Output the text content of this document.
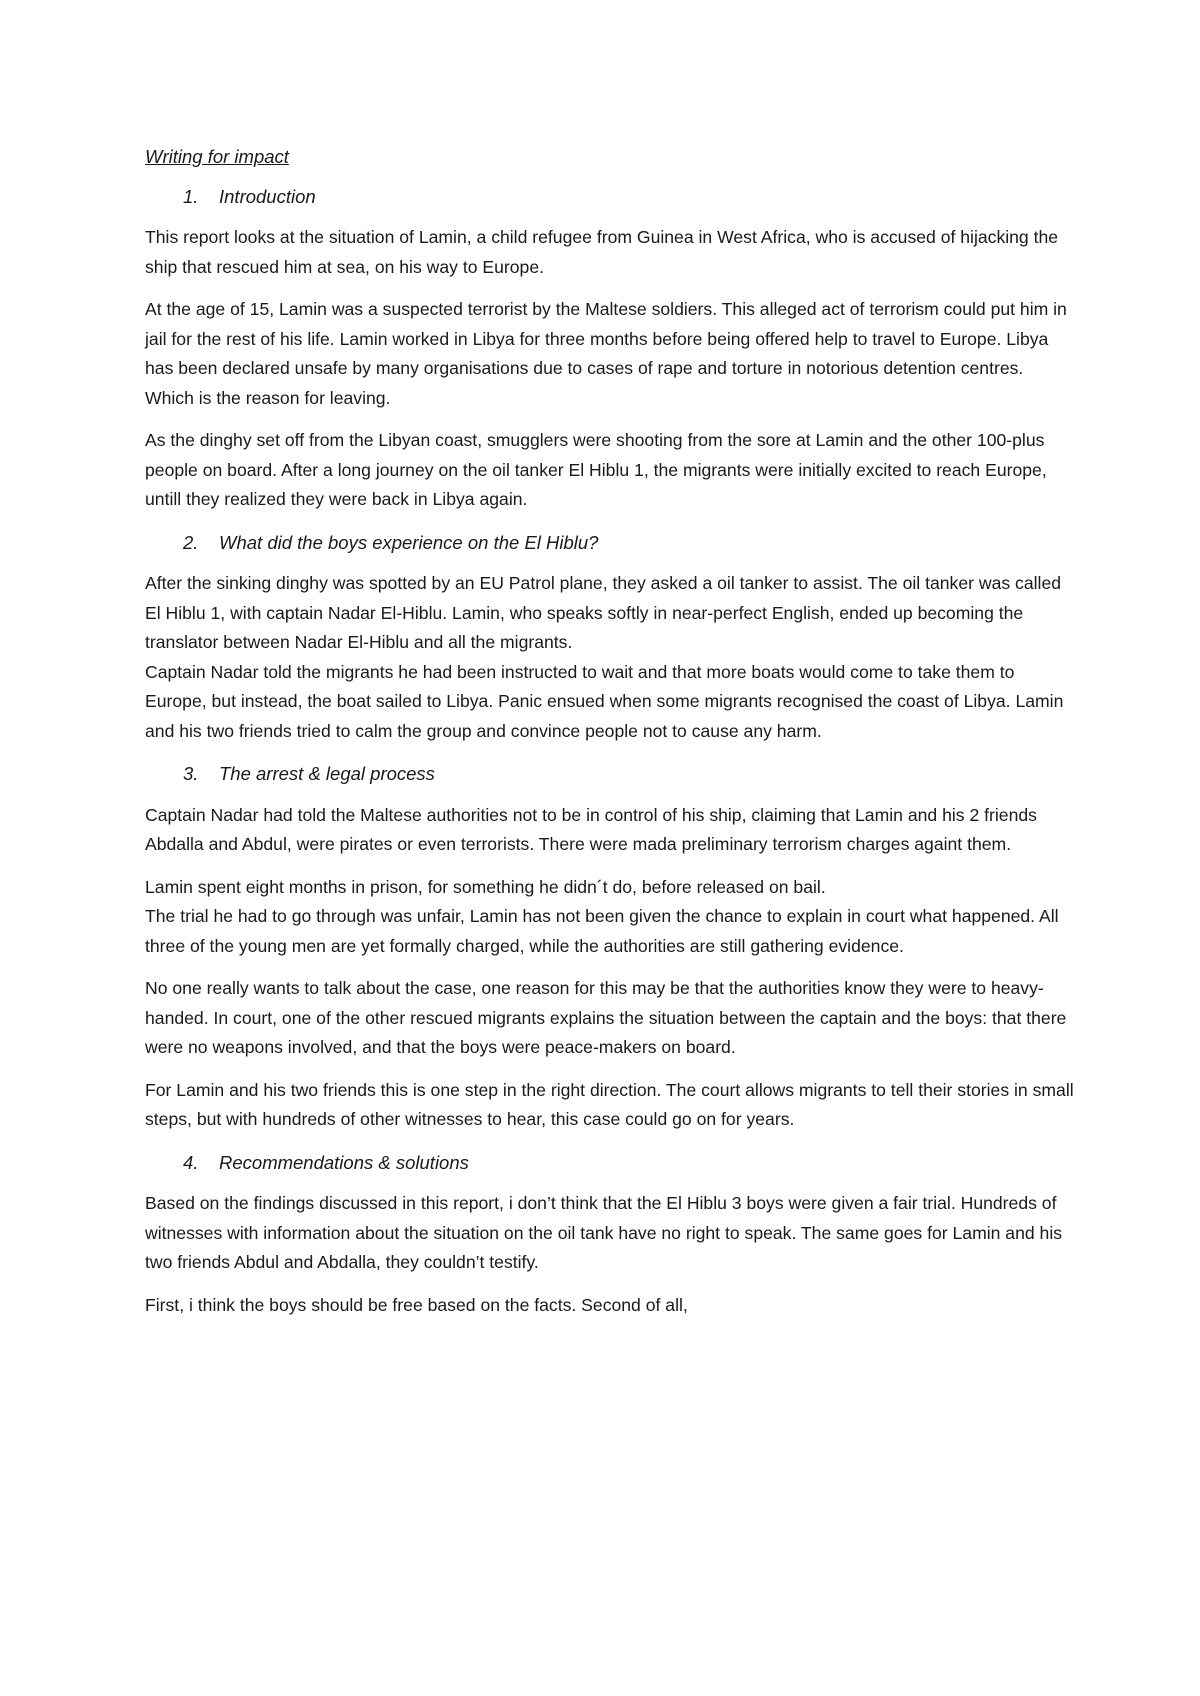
Writing for impact
1.	Introduction

This report looks at the situation of Lamin, a child refugee from Guinea in West Africa, who is accused of hijacking the ship that rescued him at sea, on his way to Europe.

At the age of 15, Lamin was a suspected terrorist by the Maltese soldiers. This alleged act of terrorism could put him in jail for the rest of his life. Lamin worked in Libya for three months before being offered help to travel to Europe. Libya has been declared unsafe by many organisations due to cases of rape and torture in notorious detention centres. Which is the reason for leaving.

As the dinghy set off from the Libyan coast, smugglers were shooting from the sore at Lamin and the other 100-plus people on board. After a long journey on the oil tanker El Hiblu 1, the migrants were initially excited to reach Europe, untill they realized they were back in Libya again.

2.	What did the boys experience on the El Hiblu?

After the sinking dinghy was spotted by an EU Patrol plane, they asked a oil tanker to assist. The oil tanker was called El Hiblu 1, with captain Nadar El-Hiblu. Lamin, who speaks softly in near-perfect English, ended up becoming the translator between Nadar El-Hiblu and all the migrants.
Captain Nadar told the migrants he had been instructed to wait and that more boats would come to take them to Europe, but instead, the boat sailed to Libya. Panic ensued when some migrants recognised the coast of Libya. Lamin and his two friends tried to calm the group and convince people not to cause any harm.

3.	The arrest & legal process

Captain Nadar had told the Maltese authorities not to be in control of his ship, claiming that Lamin and his 2 friends Abdalla and Abdul, were pirates or even terrorists. There were mada preliminary terrorism charges againt them.

Lamin spent eight months in prison, for something he didn´t do, before released on bail.
The trial he had to go through was unfair, Lamin has not been given the chance to explain in court what happened. All three of the young men are yet formally charged, while the authorities are still gathering evidence.

No one really wants to talk about the case, one reason for this may be that the authorities know they were to heavy-handed. In court, one of the other rescued migrants explains the situation between the captain and the boys: that there were no weapons involved, and that the boys were peace-makers on board.

For Lamin and his two friends this is one step in the right direction. The court allows migrants to tell their stories in small steps, but with hundreds of other witnesses to hear, this case could go on for years.

4.	Recommendations & solutions

Based on the findings discussed in this report, i don’t think that the El Hiblu 3 boys were given a fair trial. Hundreds of witnesses with information about the situation on the oil tank have no right to speak. The same goes for Lamin and his two friends Abdul and Abdalla, they couldn’t testify.

First, i think the boys should be free based on the facts. Second of all,
